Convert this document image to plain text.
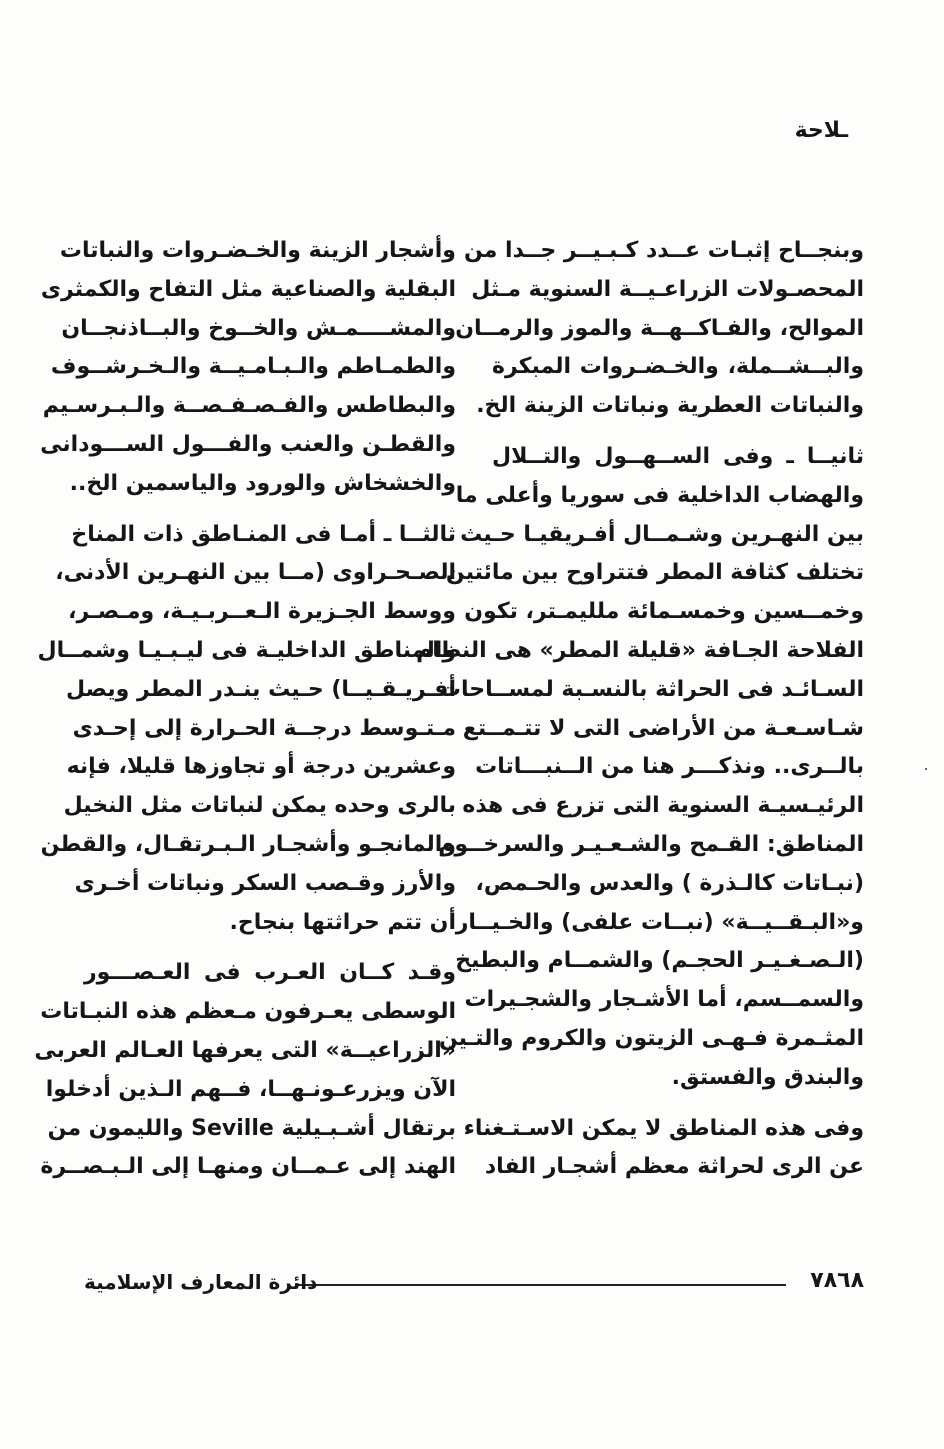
ـلاحة
وبنجــاح إثبـات عــدد كـبـيــر جــدا من
المحصـولات الزراعـيــة السنوية مـثل
الموالح، والفـاكــهــة والموز والرمــان
والبــشــملة، والخـضـروات المبكرة
والنباتات العطرية ونباتات الزينة الخ.
ثانيــا ـ وفى الســهــول والتــلال
والهضاب الداخلية فى سوريا وأعلى ما
بين النهـرين وشـمــال أفـريقيـا حـيث
تختلف كثافة المطر فتتراوح بين مائتين
وخمــسين وخمسـمائة ملليمـتر، تكون
الفلاحة الجـافة «قليلة المطر» هى النظام
السـائـد فى الحراثة بالنسـبة لمســاحات
شـاسـعـة من الأراضى التى لا تتـمــتع
بالــرى.. ونذكـــر هنا من الــنبـــاتات
الرئيـسيـة السنوية التى تزرع فى هذه
المناطق: القـمح والشـعـيـر والسرخــوم
(نبـاتات كالـذرة ) والعدس والحـمص،
و«البـقــيــة» (نبــات علفى) والخـيــار
(الـصـغـيـر الحجـم) والشمــام والبطيخ
والسمــسم، أما الأشـجار والشجـيرات
المثـمرة فـهـى الزيتون والكروم والتـين
والبندق والفستق.
وفى هذه المناطق لا يمكن الاسـتـغناء
عن الرى لحراثة معظم أشجـار الفاد
وأشجار الزينة والخـضـروات والنباتات
البقلية والصناعية مثل التفاح والكمثرى
والمشــــمـش والخــوخ والبــاذنجــان
والطمـاطم والـبـامـيــة والـخـرشــوف
والبطاطس والفـصـفـصــة والـبـرسـيم
والقطـن والعنب والفـــول الســـودانى
والخشخاش والورود والياسمين الخ..
ثالثــا ـ أمـا فى المنـاطق ذات المناخ
الصـحـراوى (مــا بين النهـرين الأدنى،
ووسط الجـزيرة الـعــربـيـة، ومـصـر،
والمناطق الداخليـة فى ليـبـيـا وشمــال
أفـريـقـيــا) حـيث ينـدر المطر ويصل
مـتـوسط درجــة الحـرارة إلى إحـدى
وعشرين درجة أو تجاوزها قليلا، فإنه
بالرى وحده يمكن لنباتات مثل النخيل
والمانجـو وأشجـار الـبـرتقـال، والقطن
والأرز وقـصب السكر ونباتات أخـرى
أن تتم حراثتها بنجاح.
وقـد كــان العـرب فى العـصـــور
الوسطى يعـرفون مـعظم هذه النبـاتات
«الزراعيــة» التى يعرفها العـالم العربى
الآن ويزرعـونـهــا، فــهم الـذين أدخلوا
برتقال أشـبـيلية Seville والليمون من
الهند إلى عـمــان ومنهـا إلى الـبـصــرة
٧٨٦٨
دائرة المعارف الإسلامية
